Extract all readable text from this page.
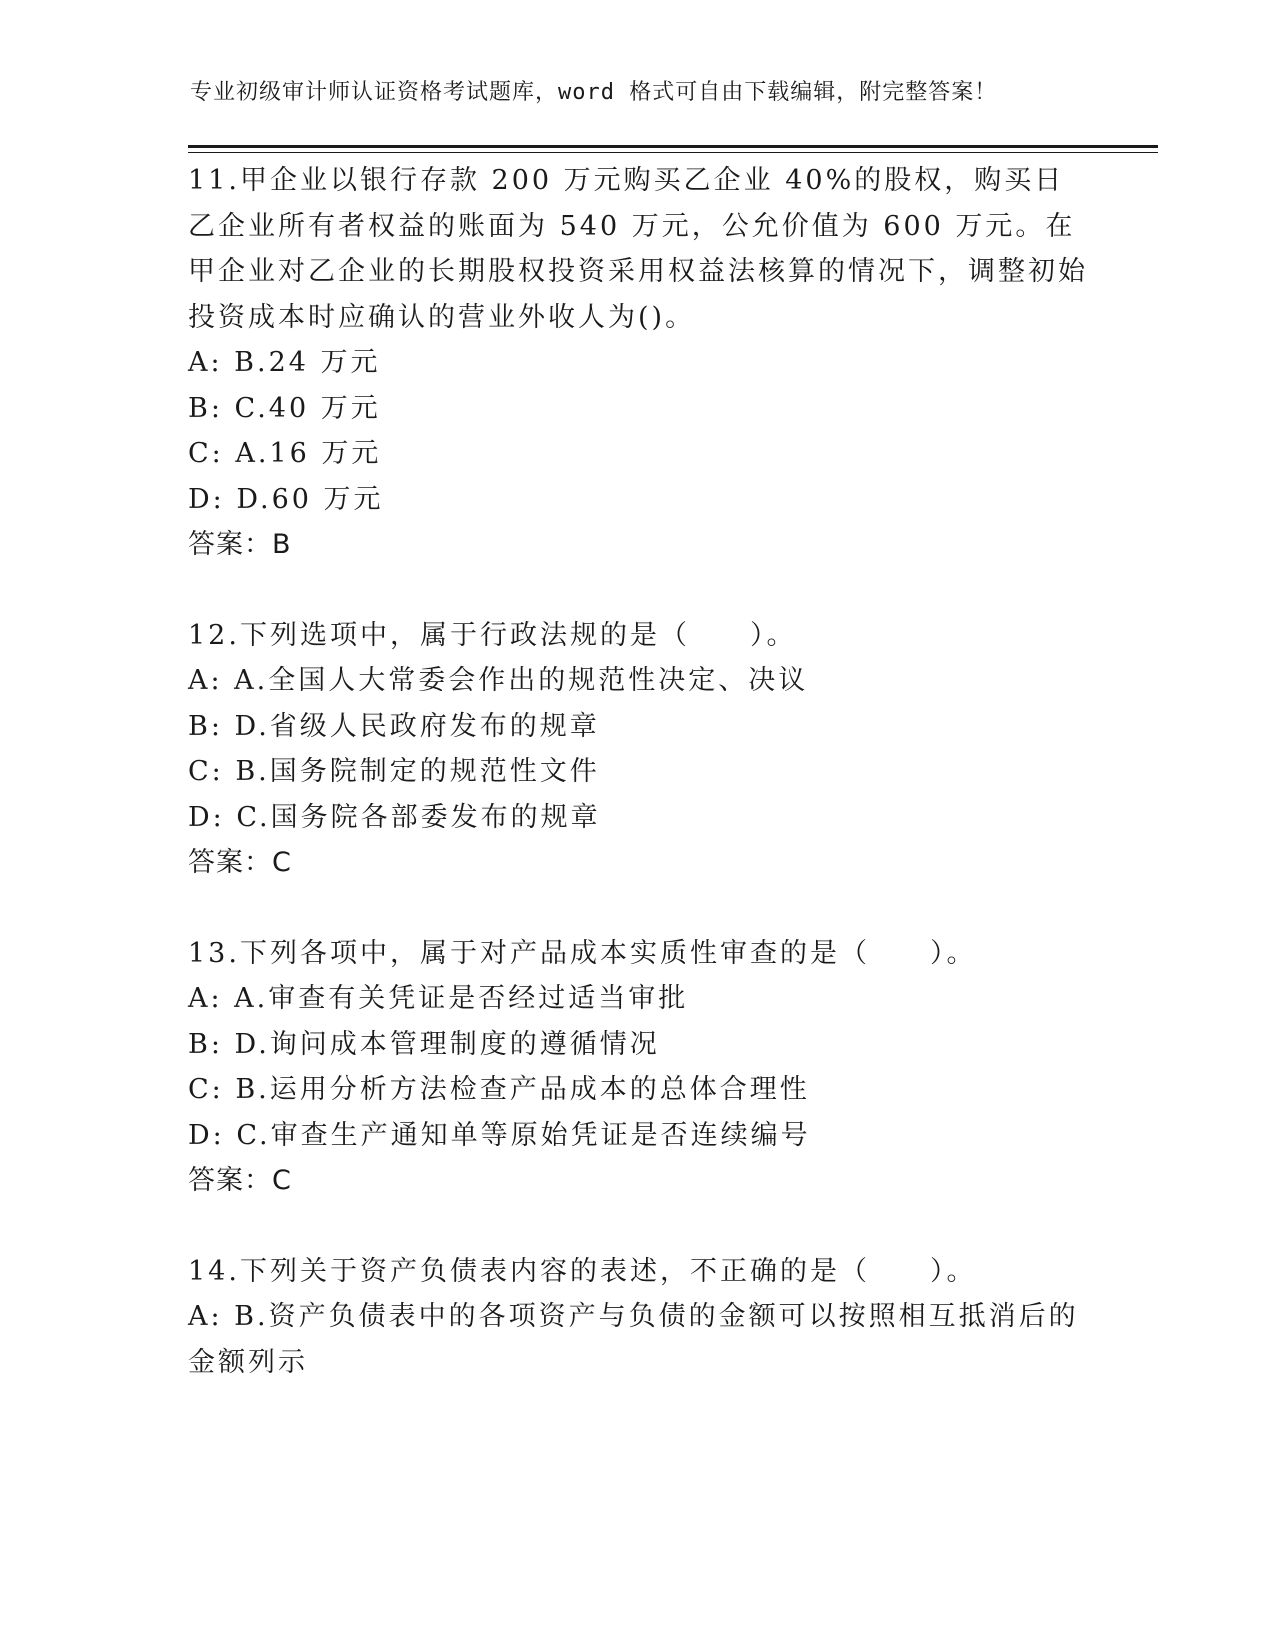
专业初级审计师认证资格考试题库，word 格式可自由下载编辑，附完整答案！

11.甲企业以银行存款 200 万元购买乙企业 40%的股权，购买日乙企业所有者权益的账面为 540 万元，公允价值为 600 万元。在甲企业对乙企业的长期股权投资采用权益法核算的情况下，调整初始投资成本时应确认的营业外收人为()。

A: B.24 万元

B: C.40 万元

C: A.16 万元

D: D.60 万元

答案：B

12.下列选项中，属于行政法规的是（　　）。

A: A.全国人大常委会作出的规范性决定、决议

B: D.省级人民政府发布的规章

C: B.国务院制定的规范性文件

D: C.国务院各部委发布的规章

答案：C

13.下列各项中，属于对产品成本实质性审查的是（　　）。

A: A.审查有关凭证是否经过适当审批

B: D.询问成本管理制度的遵循情况

C: B.运用分析方法检查产品成本的总体合理性

D: C.审查生产通知单等原始凭证是否连续编号

答案：C

14.下列关于资产负债表内容的表述，不正确的是（　　）。

A: B.资产负债表中的各项资产与负债的金额可以按照相互抵消后的金额列示
